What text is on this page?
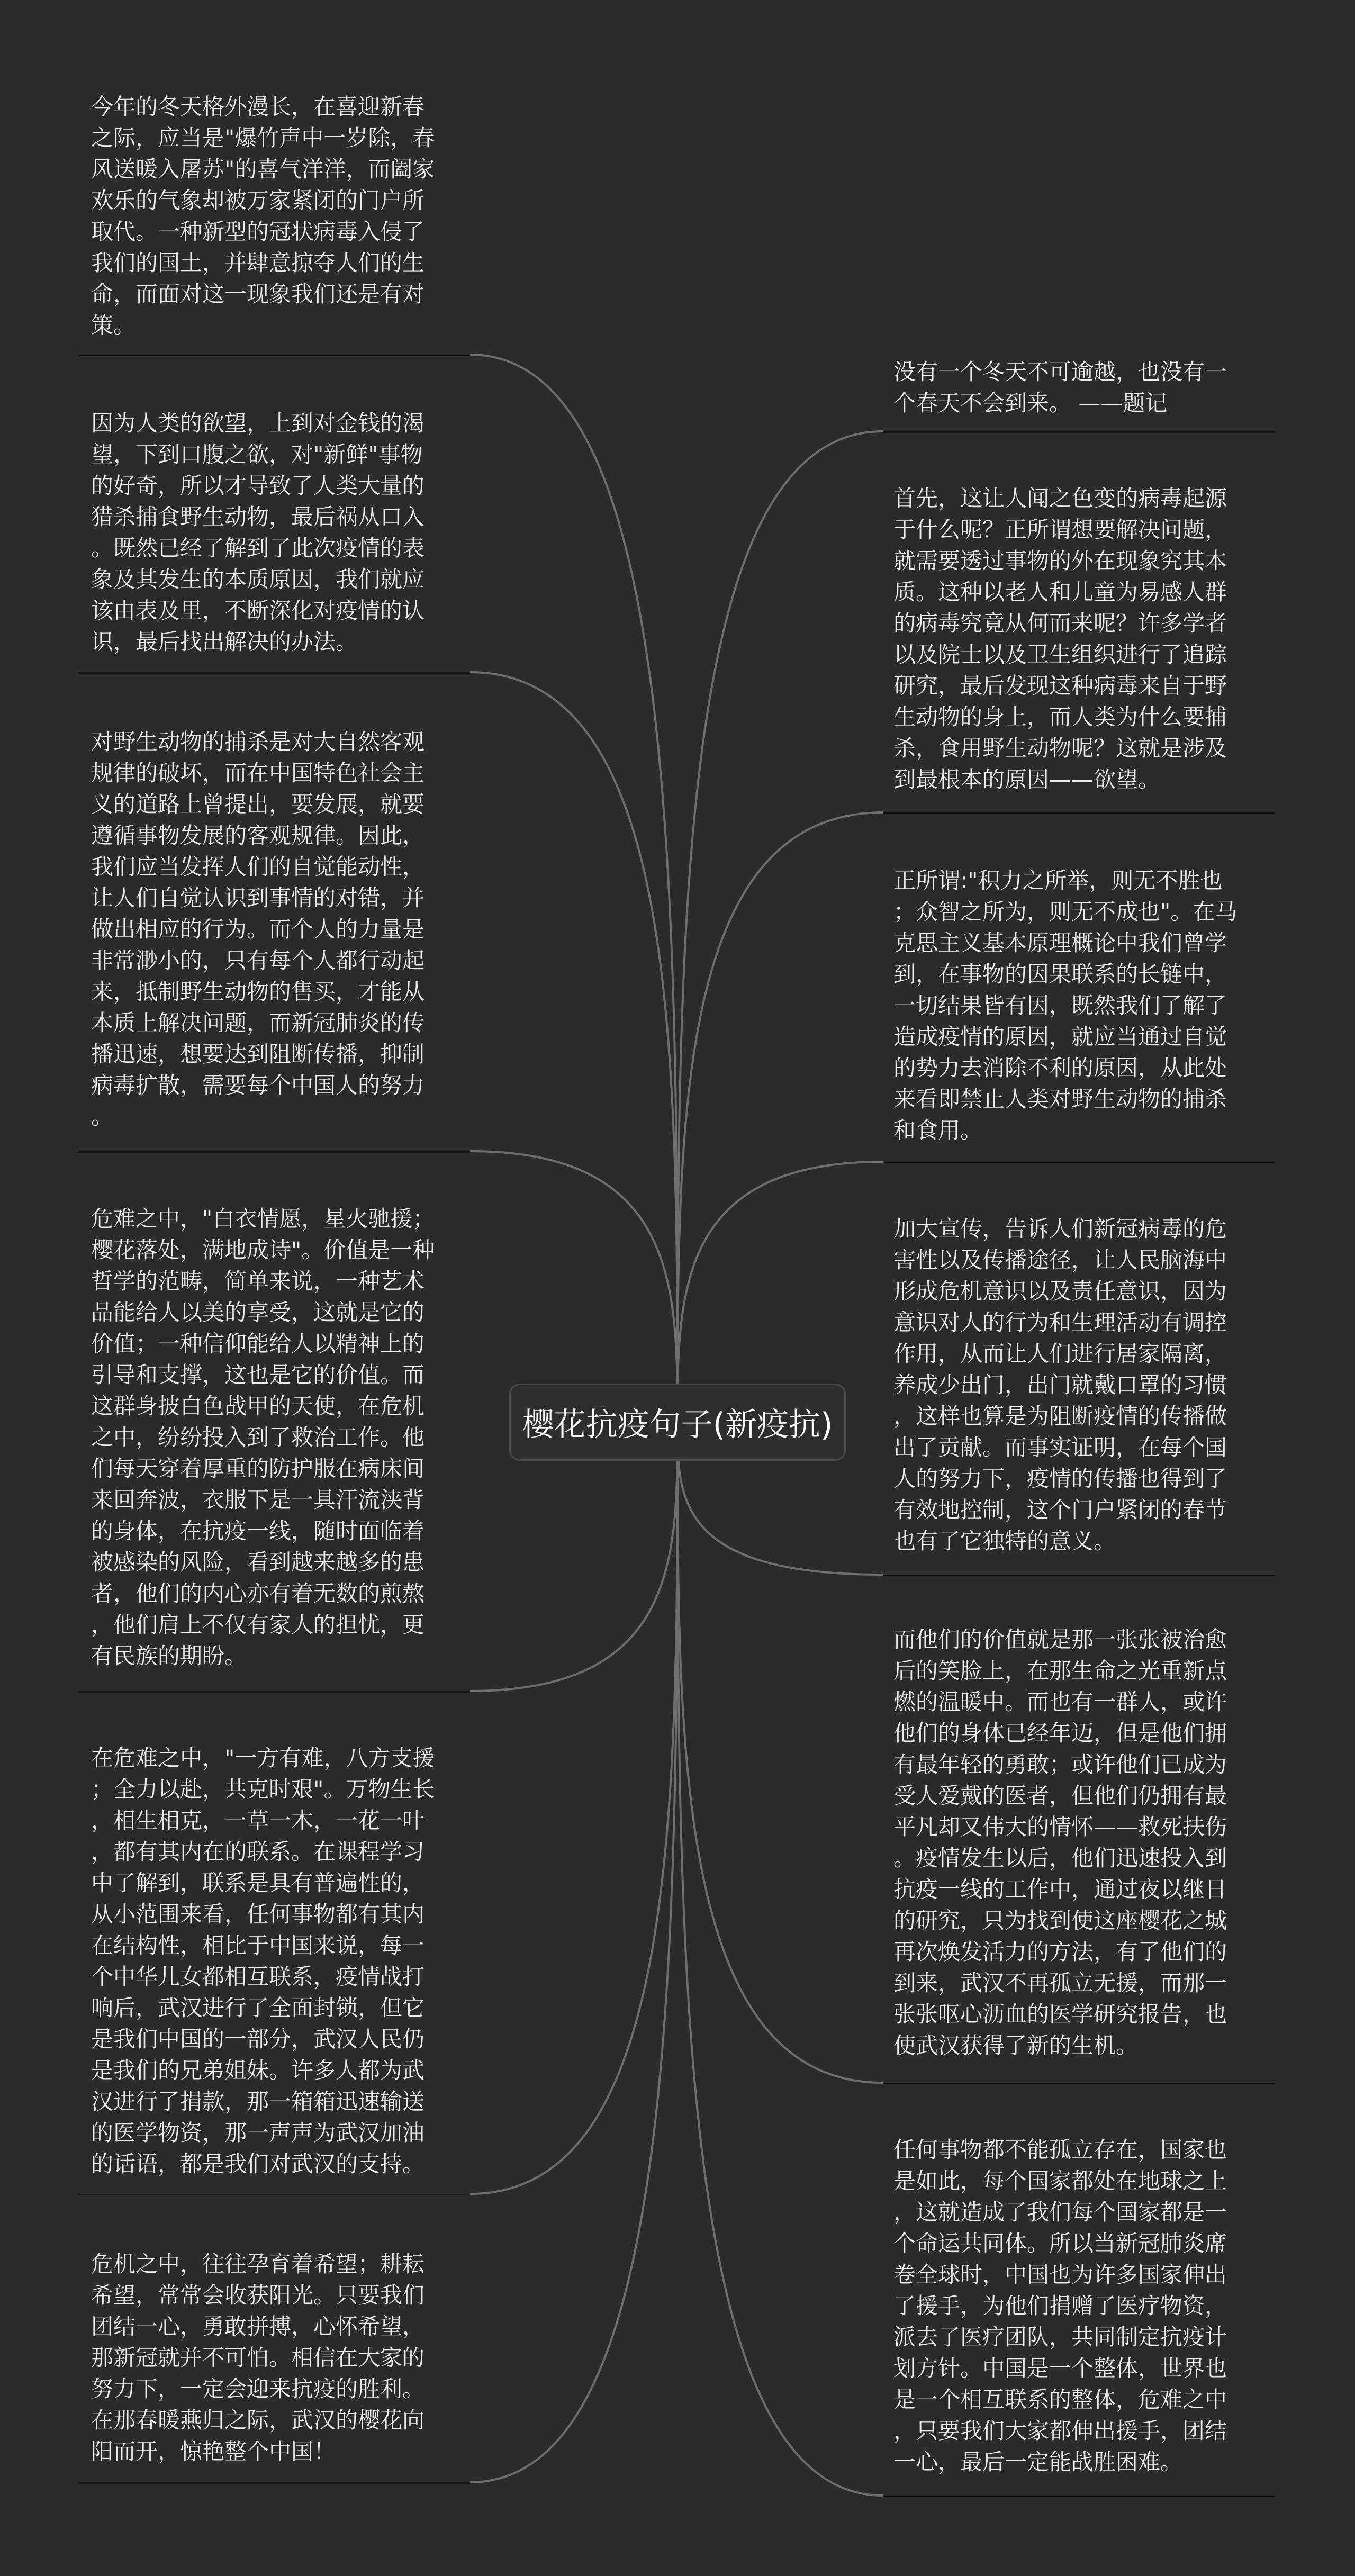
樱花抗疫句子(新疫抗)

今年的冬天格外漫长，在喜迎新春
之际，应当是"爆竹声中一岁除，春
风送暖入屠苏"的喜气洋洋，而阖家
欢乐的气象却被万家紧闭的门户所
取代。一种新型的冠状病毒入侵了
我们的国土，并肆意掠夺人们的生
命，而面对这一现象我们还是有对
策。

因为人类的欲望，上到对金钱的渴
望，下到口腹之欲，对"新鲜"事物
的好奇，所以才导致了人类大量的
猎杀捕食野生动物，最后祸从口入
。既然已经了解到了此次疫情的表
象及其发生的本质原因，我们就应
该由表及里，不断深化对疫情的认
识，最后找出解决的办法。

对野生动物的捕杀是对大自然客观
规律的破坏，而在中国特色社会主
义的道路上曾提出，要发展，就要
遵循事物发展的客观规律。因此，
我们应当发挥人们的自觉能动性，
让人们自觉认识到事情的对错，并
做出相应的行为。而个人的力量是
非常渺小的，只有每个人都行动起
来，抵制野生动物的售买，才能从
本质上解决问题，而新冠肺炎的传
播迅速，想要达到阻断传播，抑制
病毒扩散，需要每个中国人的努力
。

危难之中，"白衣情愿，星火驰援；
樱花落处，满地成诗"。价值是一种
哲学的范畴，简单来说，一种艺术
品能给人以美的享受，这就是它的
价值；一种信仰能给人以精神上的
引导和支撑，这也是它的价值。而
这群身披白色战甲的天使，在危机
之中，纷纷投入到了救治工作。他
们每天穿着厚重的防护服在病床间
来回奔波，衣服下是一具汗流浃背
的身体，在抗疫一线，随时面临着
被感染的风险，看到越来越多的患
者，他们的内心亦有着无数的煎熬
，他们肩上不仅有家人的担忧，更
有民族的期盼。

在危难之中，"一方有难，八方支援
；全力以赴，共克时艰"。万物生长
，相生相克，一草一木，一花一叶
，都有其内在的联系。在课程学习
中了解到，联系是具有普遍性的，
从小范围来看，任何事物都有其内
在结构性，相比于中国来说，每一
个中华儿女都相互联系，疫情战打
响后，武汉进行了全面封锁，但它
是我们中国的一部分，武汉人民仍
是我们的兄弟姐妹。许多人都为武
汉进行了捐款，那一箱箱迅速输送
的医学物资，那一声声为武汉加油
的话语，都是我们对武汉的支持。

危机之中，往往孕育着希望；耕耘
希望，常常会收获阳光。只要我们
团结一心，勇敢拼搏，心怀希望，
那新冠就并不可怕。相信在大家的
努力下，一定会迎来抗疫的胜利。
在那春暖燕归之际，武汉的樱花向
阳而开，惊艳整个中国！

没有一个冬天不可逾越，也没有一
个春天不会到来。 ——题记

首先，这让人闻之色变的病毒起源
于什么呢？正所谓想要解决问题，
就需要透过事物的外在现象究其本
质。这种以老人和儿童为易感人群
的病毒究竟从何而来呢？许多学者
以及院士以及卫生组织进行了追踪
研究，最后发现这种病毒来自于野
生动物的身上，而人类为什么要捕
杀，食用野生动物呢？这就是涉及
到最根本的原因——欲望。

正所谓:"积力之所举，则无不胜也
；众智之所为，则无不成也"。在马
克思主义基本原理概论中我们曾学
到，在事物的因果联系的长链中，
一切结果皆有因，既然我们了解了
造成疫情的原因，就应当通过自觉
的势力去消除不利的原因，从此处
来看即禁止人类对野生动物的捕杀
和食用。

加大宣传，告诉人们新冠病毒的危
害性以及传播途径，让人民脑海中
形成危机意识以及责任意识，因为
意识对人的行为和生理活动有调控
作用，从而让人们进行居家隔离，
养成少出门，出门就戴口罩的习惯
，这样也算是为阻断疫情的传播做
出了贡献。而事实证明，在每个国
人的努力下，疫情的传播也得到了
有效地控制，这个门户紧闭的春节
也有了它独特的意义。

而他们的价值就是那一张张被治愈
后的笑脸上，在那生命之光重新点
燃的温暖中。而也有一群人，或许
他们的身体已经年迈，但是他们拥
有最年轻的勇敢；或许他们已成为
受人爱戴的医者，但他们仍拥有最
平凡却又伟大的情怀——救死扶伤
。疫情发生以后，他们迅速投入到
抗疫一线的工作中，通过夜以继日
的研究，只为找到使这座樱花之城
再次焕发活力的方法，有了他们的
到来，武汉不再孤立无援，而那一
张张呕心沥血的医学研究报告，也
使武汉获得了新的生机。

任何事物都不能孤立存在，国家也
是如此，每个国家都处在地球之上
，这就造成了我们每个国家都是一
个命运共同体。所以当新冠肺炎席
卷全球时，中国也为许多国家伸出
了援手，为他们捐赠了医疗物资，
派去了医疗团队，共同制定抗疫计
划方针。中国是一个整体，世界也
是一个相互联系的整体，危难之中
，只要我们大家都伸出援手，团结
一心，最后一定能战胜困难。
